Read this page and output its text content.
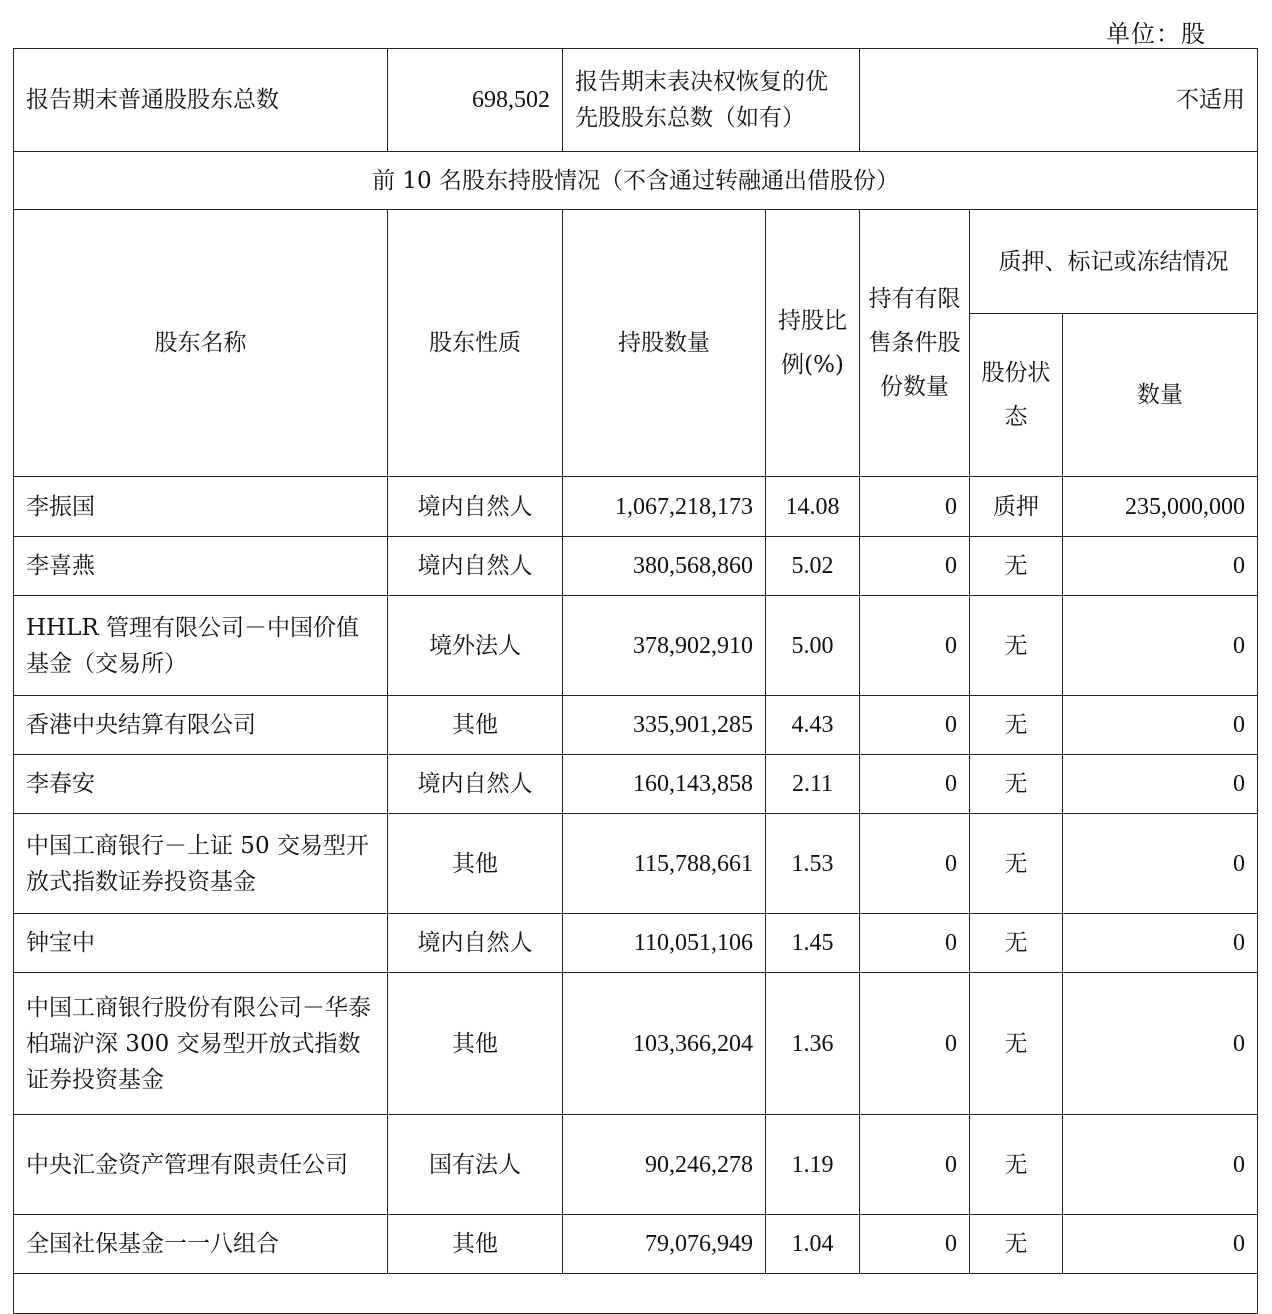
单位：股
报告期末普通股股东总数	698,502	报告期末表决权恢复的优先股股东总数（如有）		不适用		
前 10 名股东持股情况（不含通过转融通出借股份）						
股东名称	股东性质	持股数量	持股比例(%)	持有有限售条件股份数量	质押、标记或冻结情况	
					股份状态	数量
李振国	境内自然人	1,067,218,173	14.08	0	质押	235,000,000
李喜燕	境内自然人	380,568,860	5.02	0	无	0
HHLR 管理有限公司－中国价值基金（交易所）	境外法人	378,902,910	5.00	0	无	0
香港中央结算有限公司	其他	335,901,285	4.43	0	无	0
李春安	境内自然人	160,143,858	2.11	0	无	0
中国工商银行－上证 50 交易型开放式指数证券投资基金	其他	115,788,661	1.53	0	无	0
钟宝中	境内自然人	110,051,106	1.45	0	无	0
中国工商银行股份有限公司－华泰柏瑞沪深 300 交易型开放式指数证券投资基金	其他	103,366,204	1.36	0	无	0
中央汇金资产管理有限责任公司	国有法人	90,246,278	1.19	0	无	0
全国社保基金一一八组合	其他	79,076,949	1.04	0	无	0
